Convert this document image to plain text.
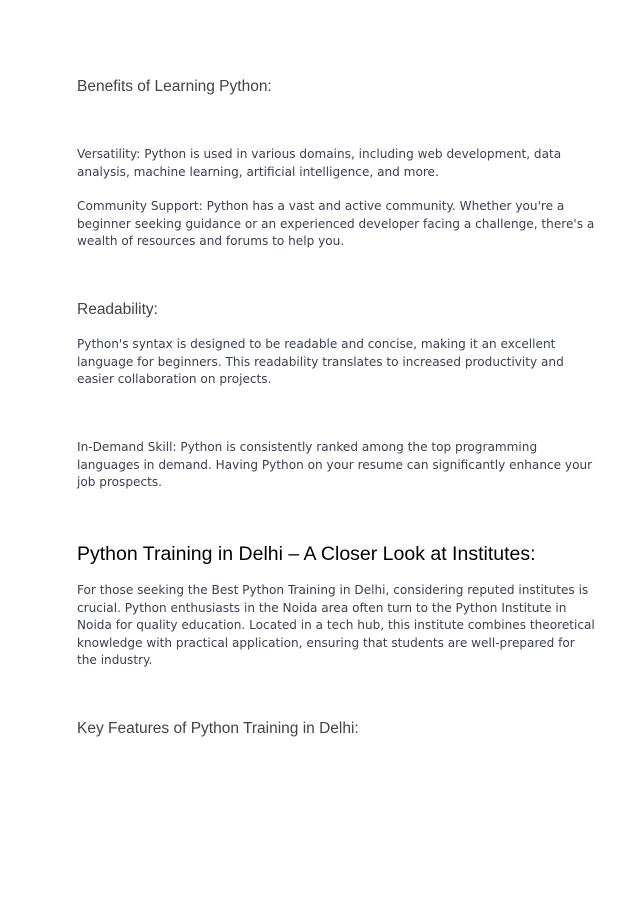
Benefits of Learning Python:

Versatility: Python is used in various domains, including web development, data
analysis, machine learning, artificial intelligence, and more.

Community Support: Python has a vast and active community. Whether you're a
beginner seeking guidance or an experienced developer facing a challenge, there's a
wealth of resources and forums to help you.

Readability:

Python's syntax is designed to be readable and concise, making it an excellent
language for beginners. This readability translates to increased productivity and
easier collaboration on projects.

In-Demand Skill: Python is consistently ranked among the top programming
languages in demand. Having Python on your resume can significantly enhance your
job prospects.

Python Training in Delhi – A Closer Look at Institutes:

For those seeking the Best Python Training in Delhi, considering reputed institutes is
crucial. Python enthusiasts in the Noida area often turn to the Python Institute in
Noida for quality education. Located in a tech hub, this institute combines theoretical
knowledge with practical application, ensuring that students are well-prepared for
the industry.

Key Features of Python Training in Delhi:
